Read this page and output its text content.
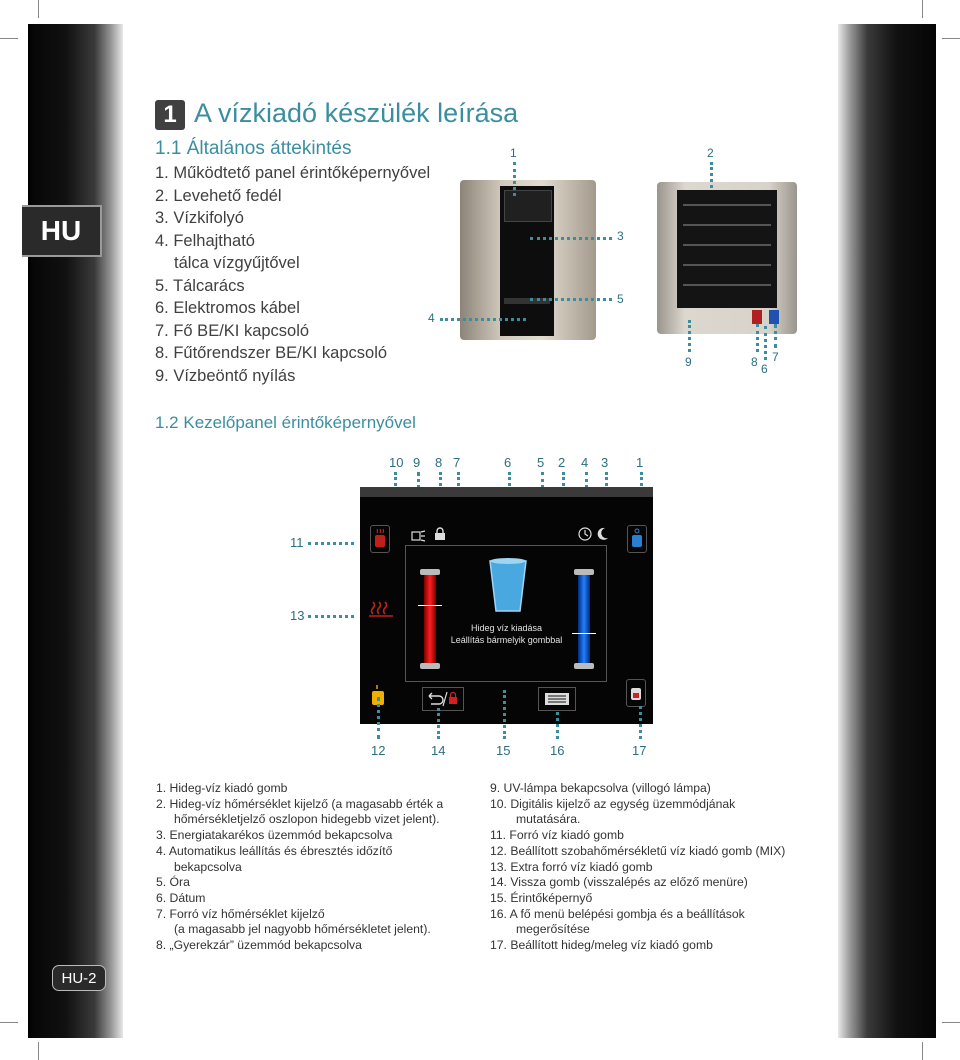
HU
HU-2
1 A vízkiadó készülék leírása
1.1 Általános áttekintés
1. Működtető panel érintőképernyővel
2. Levehető fedél
3. Vízkifolyó
4. Felhajtható
tálca vízgyűjtővel
5. Tálcarács
6. Elektromos kábel
7. Fő BE/KI kapcsoló
8. Fűtőrendszer BE/KI kapcsoló
9. Vízbeöntő nyílás
1
3
5
4
2
9	8 7
6
1.2 Kezelőpanel érintőképernyővel
10 9 8 7	6 5 2 4 3 1
11
13
Hideg víz kiadása
Leállítás bármelyik gombbal
12	14	15	16	17
1. Hideg-víz kiadó gomb
2. Hideg-víz hőmérséklet kijelző (a magasabb érték a
hőmérsékletjelző oszlopon hidegebb vizet jelent).
3. Energiatakarékos üzemmód bekapcsolva
4. Automatikus leállítás és ébresztés időzítő
bekapcsolva
5. Óra
6. Dátum
7. Forró víz hőmérséklet kijelző
(a magasabb jel nagyobb hőmérsékletet jelent).
8. „Gyerekzár” üzemmód bekapcsolva
9. UV-lámpa bekapcsolva (villogó lámpa)
10. Digitális kijelző az egység üzemmódjának
mutatására.
11. Forró víz kiadó gomb
12. Beállított szobahőmérsékletű víz kiadó gomb (MIX)
13. Extra forró víz kiadó gomb
14. Vissza gomb (visszalépés az előző menüre)
15. Érintőképernyő
16. A fő menü belépési gombja és a beállítások
megerősítése
17. Beállított hideg/meleg víz kiadó gomb
